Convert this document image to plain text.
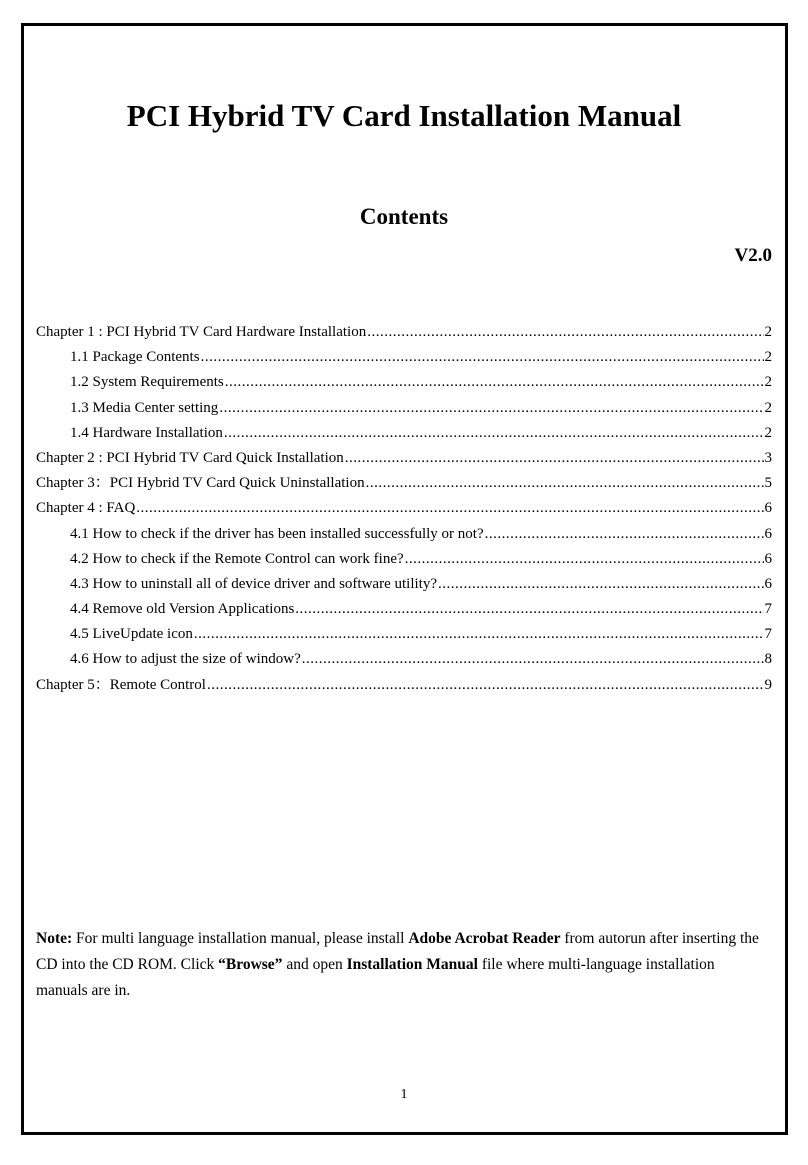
PCI Hybrid TV Card Installation Manual
Contents
V2.0
Chapter 1 : PCI Hybrid TV Card Hardware Installation .....	2
1.1 Package Contents .....	2
1.2 System Requirements .....	2
1.3 Media Center setting .....	2
1.4 Hardware Installation .....	2
Chapter 2 : PCI Hybrid TV Card Quick Installation .....	3
Chapter 3：PCI Hybrid TV Card Quick Uninstallation .....	5
Chapter 4 : FAQ .....	6
4.1 How to check if the driver has been installed successfully or not? .....	6
4.2 How to check if the Remote Control can work fine? .....	6
4.3 How to uninstall all of device driver and software utility? .....	6
4.4 Remove old Version Applications .....	7
4.5 LiveUpdate icon .....	7
4.6 How to adjust the size of window? .....	8
Chapter 5：Remote Control .....	9

Note: For multi language installation manual, please install Adobe Acrobat Reader from autorun after inserting the CD into the CD ROM. Click “Browse” and open Installation Manual file where multi-language installation manuals are in.

1
